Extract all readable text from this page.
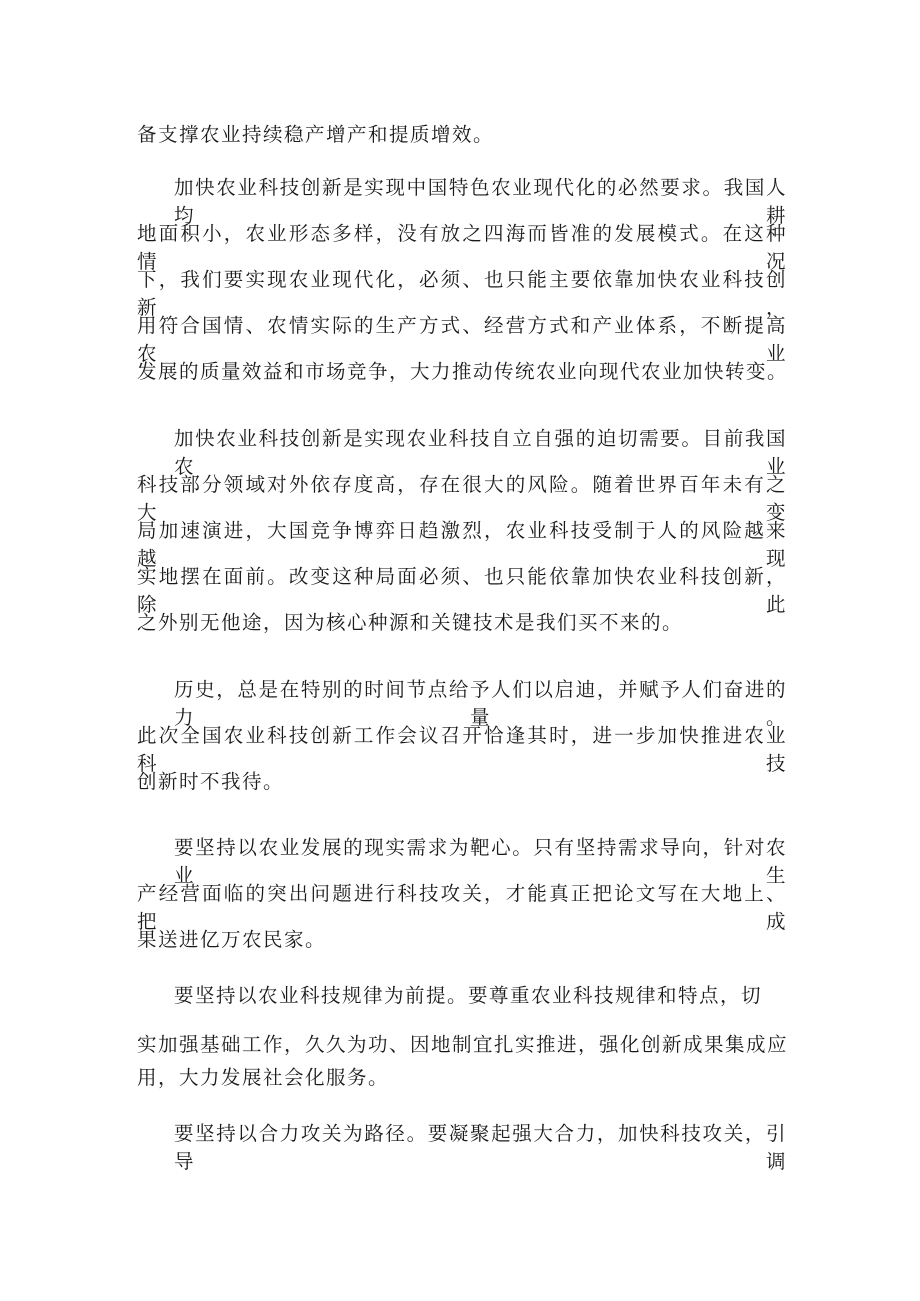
备支撑农业持续稳产增产和提质增效。
加快农业科技创新是实现中国特色农业现代化的必然要求。我国人均耕
地面积小，农业形态多样，没有放之四海而皆准的发展模式。在这种情况
下，我们要实现农业现代化，必须、也只能主要依靠加快农业科技创新，
用符合国情、农情实际的生产方式、经营方式和产业体系，不断提高农业
发展的质量效益和市场竞争，大力推动传统农业向现代农业加快转变。
加快农业科技创新是实现农业科技自立自强的迫切需要。目前我国农业
科技部分领域对外依存度高，存在很大的风险。随着世界百年未有之大变
局加速演进，大国竞争博弈日趋激烈，农业科技受制于人的风险越来越现
实地摆在面前。改变这种局面必须、也只能依靠加快农业科技创新，除此
之外别无他途，因为核心种源和关键技术是我们买不来的。
历史，总是在特别的时间节点给予人们以启迪，并赋予人们奋进的力量。
此次全国农业科技创新工作会议召开恰逢其时，进一步加快推进农业科技
创新时不我待。
要坚持以农业发展的现实需求为靶心。只有坚持需求导向，针对农业生
产经营面临的突出问题进行科技攻关，才能真正把论文写在大地上、把成
果送进亿万农民家。
要坚持以农业科技规律为前提。要尊重农业科技规律和特点，切
实加强基础工作，久久为功、因地制宜扎实推进，强化创新成果集成应
用，大力发展社会化服务。
要坚持以合力攻关为路径。要凝聚起强大合力，加快科技攻关，引导调
